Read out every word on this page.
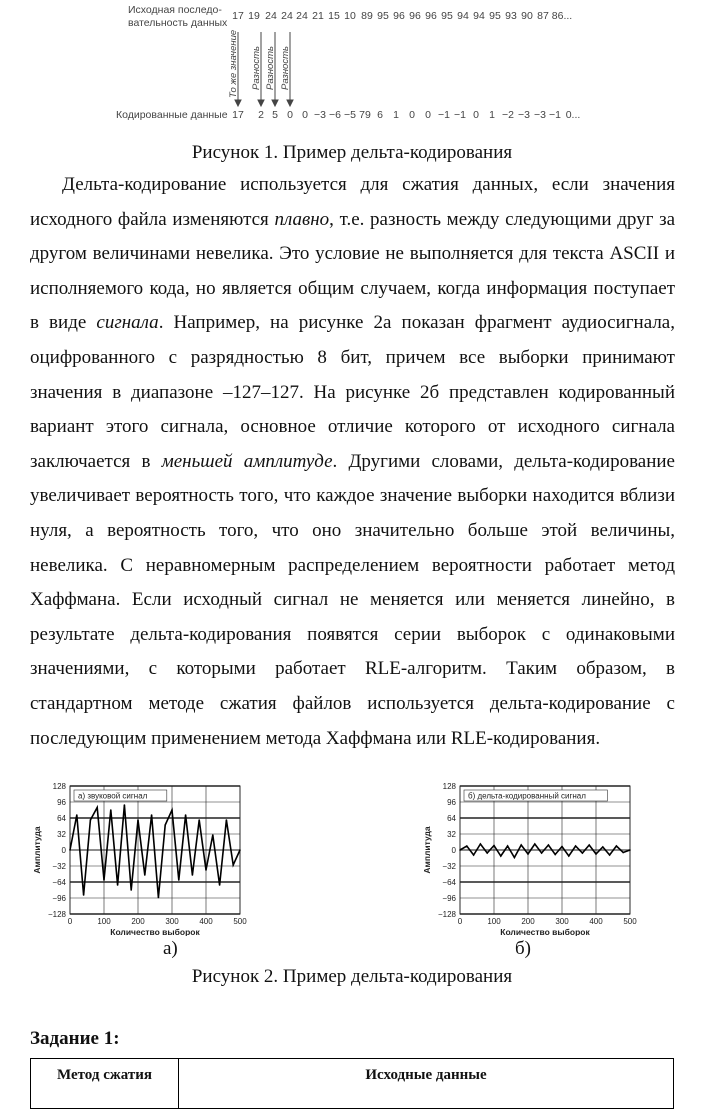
Исходная последо-
вательность данных
17 19 24 24 24 21 15 10 89 95 96 96 96 95 94 94 95 93 90 87 86...
То же значение Разность Разность Разность
Кодированные данные 17 2 5 0 0 −3 −6 −5 79 6 1 0 0 −1 −1 0 1 −2 −3 −3 −1 0...
Рисунок 1. Пример дельта-кодирования

Дельта-кодирование используется для сжатия данных, если значения исходного файла изменяются плавно, т.е. разность между следующими друг за другом величинами невелика. Это условие не выполняется для текста ASCII и исполняемого кода, но является общим случаем, когда информация поступает в виде сигнала. Например, на рисунке 2а показан фрагмент аудиосигнала, оцифрованного с разрядностью 8 бит, причем все выборки принимают значения в диапазоне –127–127. На рисунке 2б представлен кодированный вариант этого сигнала, основное отличие которого от исходного сигнала заключается в меньшей амплитуде. Другими словами, дельта-кодирование увеличивает вероятность того, что каждое значение выборки находится вблизи нуля, а вероятность того, что оно значительно больше этой величины, невелика. С неравномерным распределением вероятности работает метод Хаффмана. Если исходный сигнал не меняется или меняется линейно, в результате дельта-кодирования появятся серии выборок с одинаковыми значениями, с которыми работает RLE-алгоритм. Таким образом, в стандартном методе сжатия файлов используется дельта-кодирование с последующим применением метода Хаффмана или RLE-кодирования.

128
96
64
32
0
−32
−64
−96
−128
0	100	200	300	400	500
а) звуковой сигнал
Количество выборок
Амплитуда
128
96
64
32
0
−32
−64
−96
−128
0	100	200	300	400	500
б) дельта-кодированный сигнал
Количество выборок
Амплитуда
а)	б)
Рисунок 2. Пример дельта-кодирования
Задание 1:
Метод сжатия	Исходные данные
